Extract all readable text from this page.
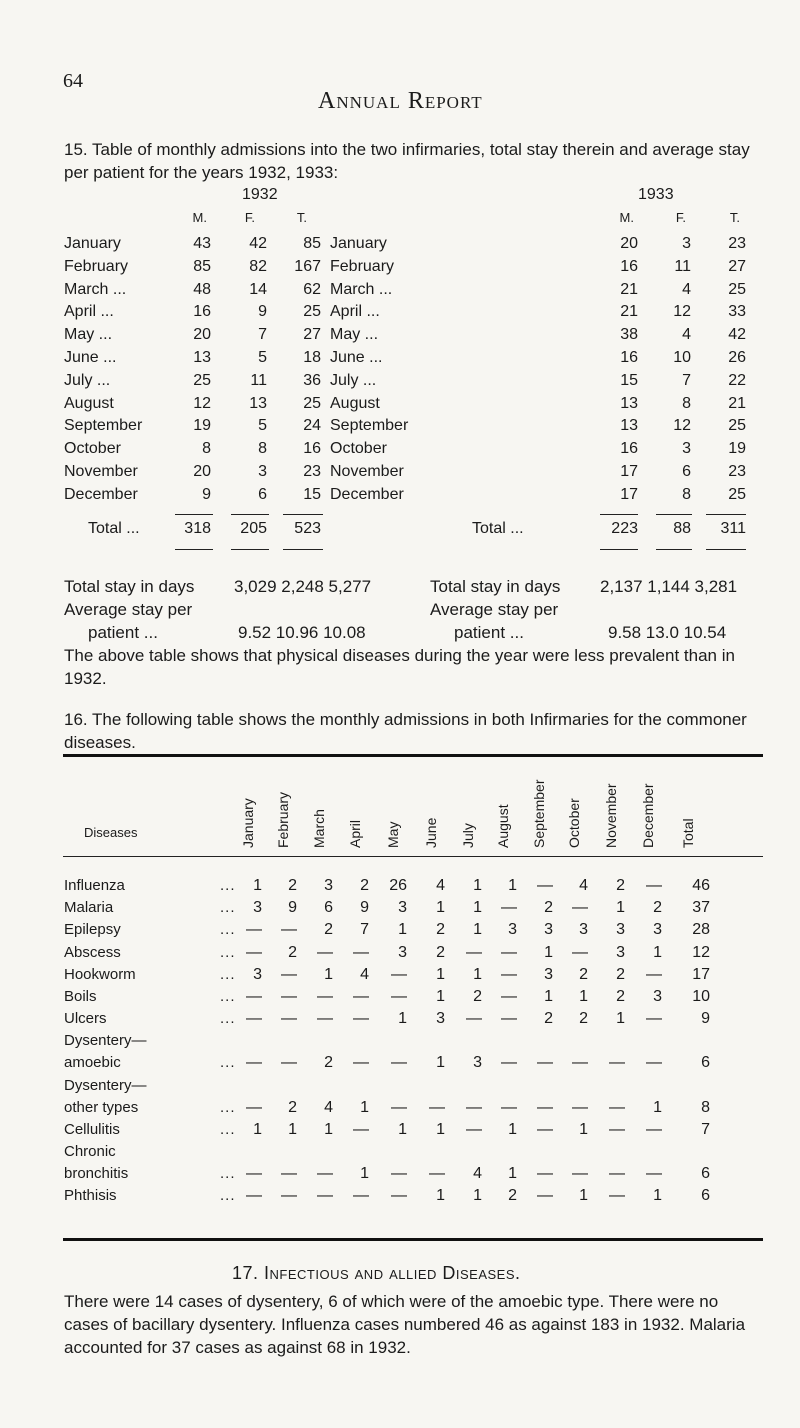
64
Annual Report
15. Table of monthly admissions into the two infirmaries, total stay therein and average stay per patient for the years 1932, 1933:
1932	1933
M.	F.	T.	M.	F.	T.
January	43	42	85 January	20	3	23
February	85	82	167 February	16	11	27
March ...	48	14	62 March ...	21	4	25
April ...	16	9	25 April ...	21	12	33
May ...	20	7	27 May ...	38	4	42
June ...	13	5	18 June ...	16	10	26
July ...	25	11	36 July ...	15	7	22
August	12	13	25 August	13	8	21
September	19	5	24 September	13	12	25
October	8	8	16 October	16	3	19
November	20	3	23 November	17	6	23
December	9	6	15 December	17	8	25
Total ...	318	205	523	Total ...	223	88	311
Total stay in days 3,029 2,248 5,277	Total stay in days 2,137 1,144 3,281
Average stay per	Average stay per
patient ...	9.52 10.96 10.08	patient ...	9.58 13.0 10.54
The above table shows that physical diseases during the year were less prevalent than in 1932.
16. The following table shows the monthly admissions in both Infirmaries for the commoner diseases.
Diseases	January February March April May June July August September October November December Total
Influenza	...	1	2	3	2	26	4	1	1	—	4	2	—	46
Malaria	...	3	9	6	9	3	1	1	—	2	—	1	2	37
Epilepsy	... —	—	2	7	1	2	1	3	3	3	3	3	28
Abscess	... —	2	—	—	3	2	—	—	1	—	3	1	12
Hookworm	...	3	—	1	4	—	1	1	—	3	2	2	—	17
Boils	... —	—	—	—	—	1	2	—	1	1	2	3	10
Ulcers	... —	—	—	—	1	3	—	—	2	2	1	—	9
Dysentery—
amoebic	... —	—	2	—	—	1	3	—	—	—	—	—	6
Dysentery—
other types	... —	2	4	1	—	—	—	—	—	—	—	1	8
Cellulitis	...	1	1	1	—	1	1	—	1	—	1	—	—	7
Chronic
bronchitis	... —	—	—	1	—	—	4	1	—	—	—	—	6
Phthisis	... —	—	—	—	—	1	1	2	—	1	—	1	6
17. Infectious and allied Diseases.
There were 14 cases of dysentery, 6 of which were of the amoebic type. There were no cases of bacillary dysentery. Influenza cases numbered 46 as against 183 in 1932. Malaria accounted for 37 cases as against 68 in 1932.
